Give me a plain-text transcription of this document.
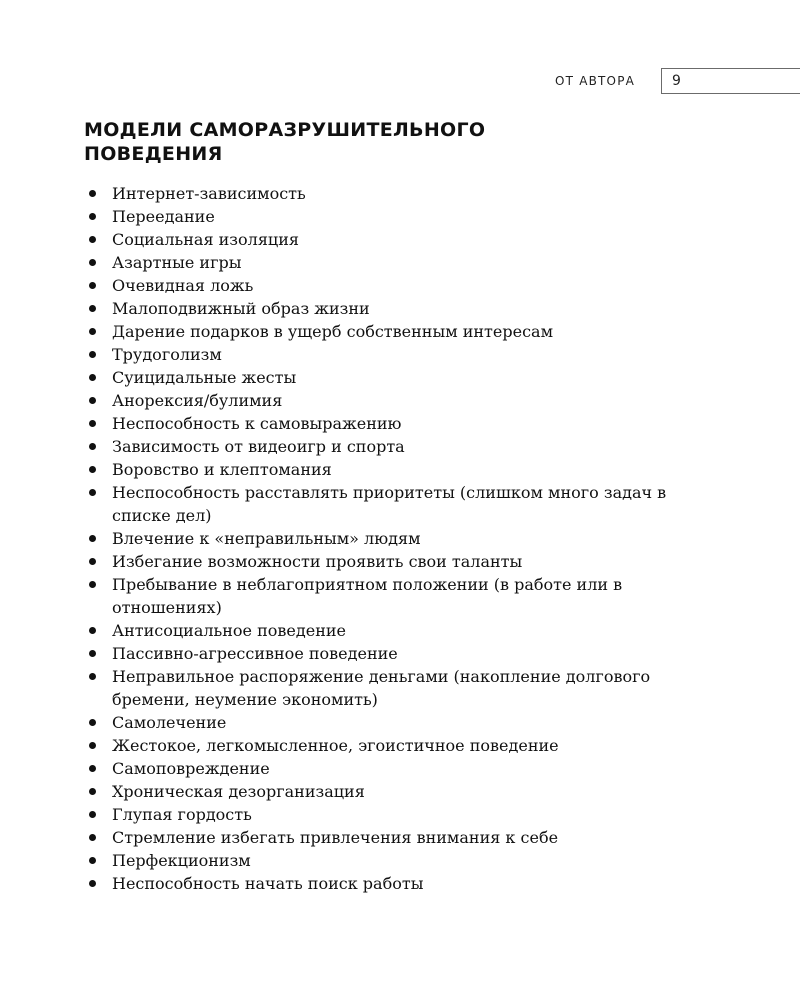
ОТ АВТОРА	9
МОДЕЛИ САМОРАЗРУШИТЕЛЬНОГО ПОВЕДЕНИЯ
Интернет-зависимость
Переедание
Социальная изоляция
Азартные игры
Очевидная ложь
Малоподвижный образ жизни
Дарение подарков в ущерб собственным интересам
Трудоголизм
Суицидальные жесты
Анорексия/булимия
Неспособность к самовыражению
Зависимость от видеоигр и спорта
Воровство и клептомания
Неспособность расставлять приоритеты (слишком много задач в списке дел)
Влечение к «неправильным» людям
Избегание возможности проявить свои таланты
Пребывание в неблагоприятном положении (в работе или в отношениях)
Антисоциальное поведение
Пассивно-агрессивное поведение
Неправильное распоряжение деньгами (накопление долгового бремени, неумение экономить)
Самолечение
Жестокое, легкомысленное, эгоистичное поведение
Самоповреждение
Хроническая дезорганизация
Глупая гордость
Стремление избегать привлечения внимания к себе
Перфекционизм
Неспособность начать поиск работы
